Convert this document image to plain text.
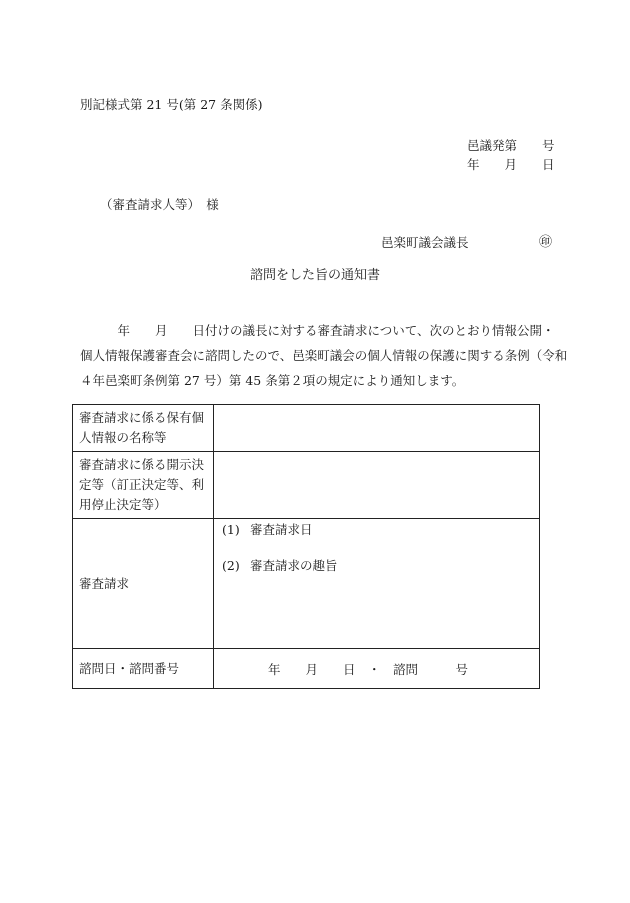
別記様式第 21 号(第 27 条関係)
邑議発第　　号
年　　月　　日
（審査請求人等）　様
邑楽町議会議長	㊞
諮問をした旨の通知書
　　　年　　月　　日付けの議長に対する審査請求について、次のとおり情報公開・
個人情報保護審査会に諮問したので、邑楽町議会の個人情報の保護に関する条例（令和
４年邑楽町条例第 27 号）第 45 条第２項の規定により通知します。
審査請求に係る保有個人情報の名称等	
審査請求に係る開示決定等（訂正決定等、利用停止決定等）	
審査請求	(1) 審査請求日
(2) 審査請求の趣旨

諮問日・諮問番号	年　　月　　日　・　諮問　　　号
